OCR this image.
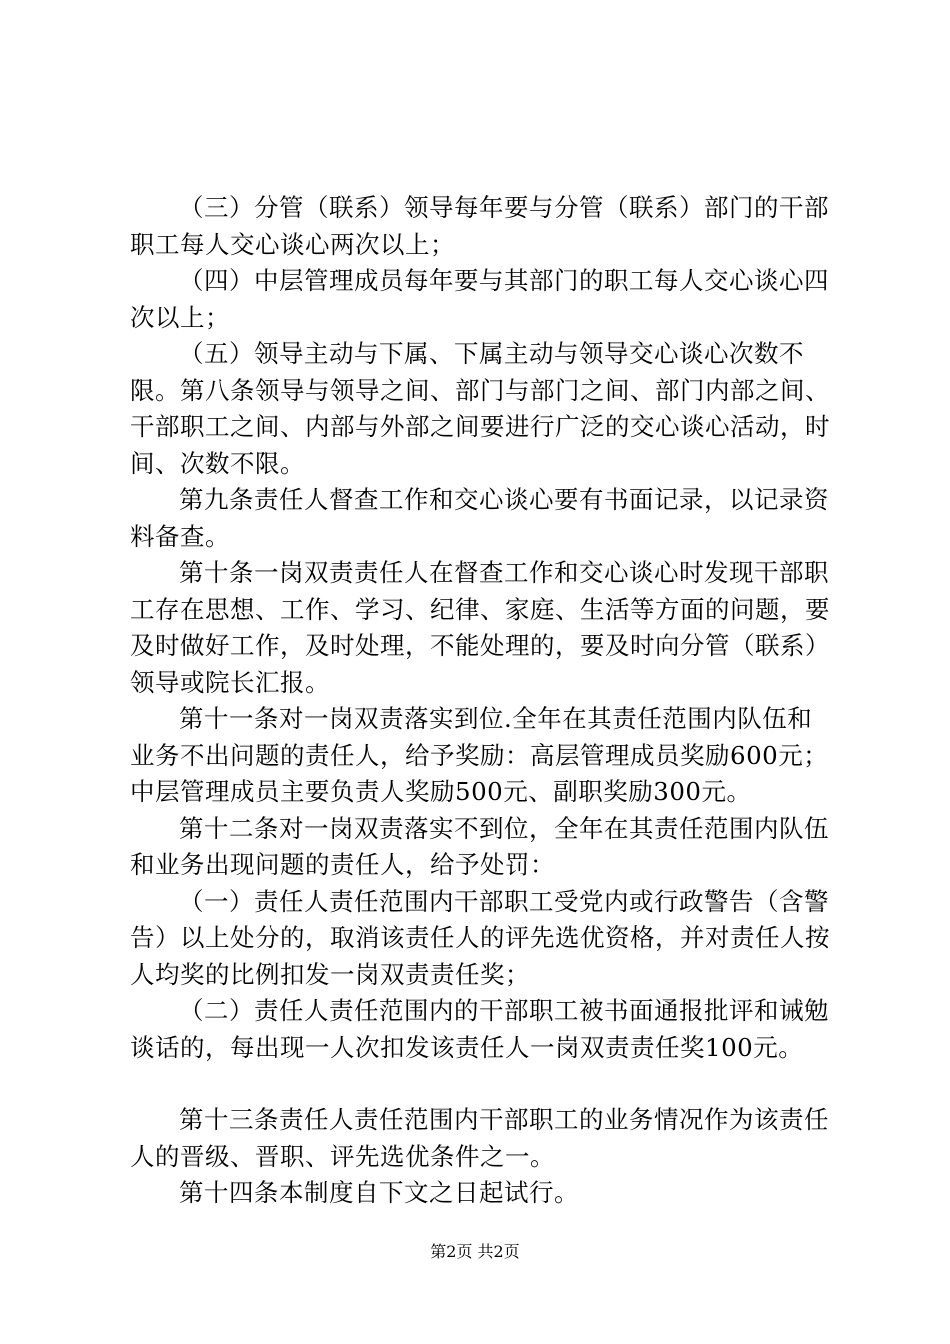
（三）分管（联系）领导每年要与分管（联系）部门的干部职工每人交心谈心两次以上；

（四）中层管理成员每年要与其部门的职工每人交心谈心四次以上；

（五）领导主动与下属、下属主动与领导交心谈心次数不限。第八条领导与领导之间、部门与部门之间、部门内部之间、干部职工之间、内部与外部之间要进行广泛的交心谈心活动，时间、次数不限。

第九条责任人督查工作和交心谈心要有书面记录，以记录资料备查。

第十条一岗双责责任人在督查工作和交心谈心时发现干部职工存在思想、工作、学习、纪律、家庭、生活等方面的问题，要及时做好工作，及时处理，不能处理的，要及时向分管（联系）领导或院长汇报。

第十一条对一岗双责落实到位.全年在其责任范围内队伍和业务不出问题的责任人，给予奖励：高层管理成员奖励600元；中层管理成员主要负责人奖励500元、副职奖励300元。

第十二条对一岗双责落实不到位，全年在其责任范围内队伍和业务出现问题的责任人，给予处罚：

（一）责任人责任范围内干部职工受党内或行政警告（含警告）以上处分的，取消该责任人的评先选优资格，并对责任人按人均奖的比例扣发一岗双责责任奖；

（二）责任人责任范围内的干部职工被书面通报批评和诫勉谈话的，每出现一人次扣发该责任人一岗双责责任奖100元。

第十三条责任人责任范围内干部职工的业务情况作为该责任人的晋级、晋职、评先选优条件之一。

第十四条本制度自下文之日起试行。

第2页 共2页
